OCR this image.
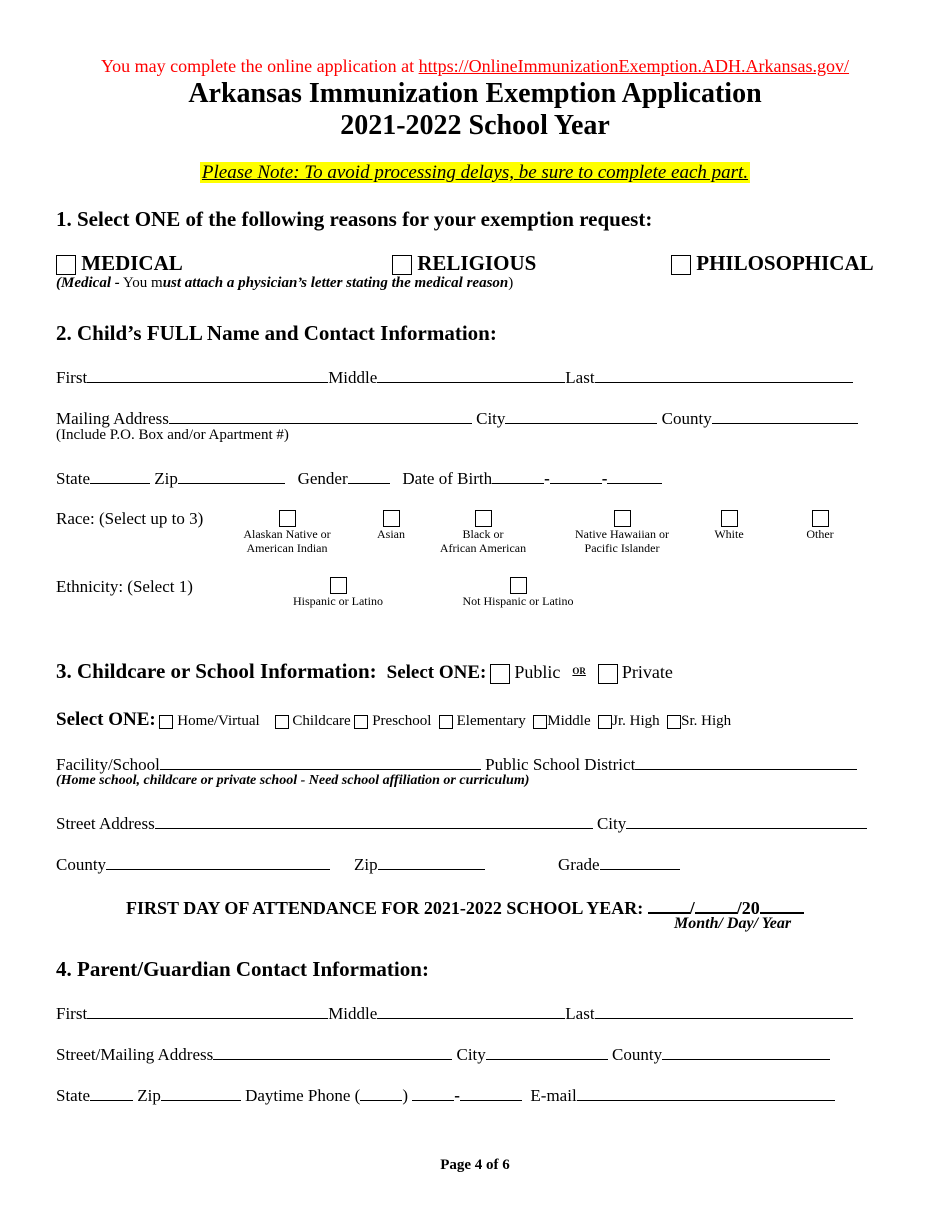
You may complete the online application at https://OnlineImmunizationExemption.ADH.Arkansas.gov/
Arkansas Immunization Exemption Application
2021-2022 School Year
Please Note: To avoid processing delays, be sure to complete each part.
1. Select ONE of the following reasons for your exemption request:
MEDICAL	RELIGIOUS	PHILOSOPHICAL
(Medical - You must attach a physician’s letter stating the medical reason)
2. Child’s FULL Name and Contact Information:
First	Middle	Last
Mailing Address	City	County
(Include P.O. Box and/or Apartment #)
State	Zip	Gender	Date of Birth	-	-
Race: (Select up to 3)

Alaskan Native or
American Indian

Asian	Black or
African American

Native Hawaiian or
Pacific Islander

White	Other
Ethnicity: (Select 1)

Hispanic or Latino	Not Hispanic or Latino
3. Childcare or School Information: Select ONE: Public $^{OR}$ Private
Select ONE: Home/Virtual Childcare Preschool Elementary Middle Jr. High Sr. High
Facility/School	Public School District
(Home school, childcare or private school - Need school affiliation or curriculum)
Street Address	City
County	Zip	Grade
FIRST DAY OF ATTENDANCE FOR 2021-2022 SCHOOL YEAR:	/ /20
Month/ Day/ Year
4. Parent/Guardian Contact Information:
First	Middle	Last
Street/Mailing Address	City	County
State	Zip	Daytime Phone ( )	-	E-mail
Page 4 of 6
